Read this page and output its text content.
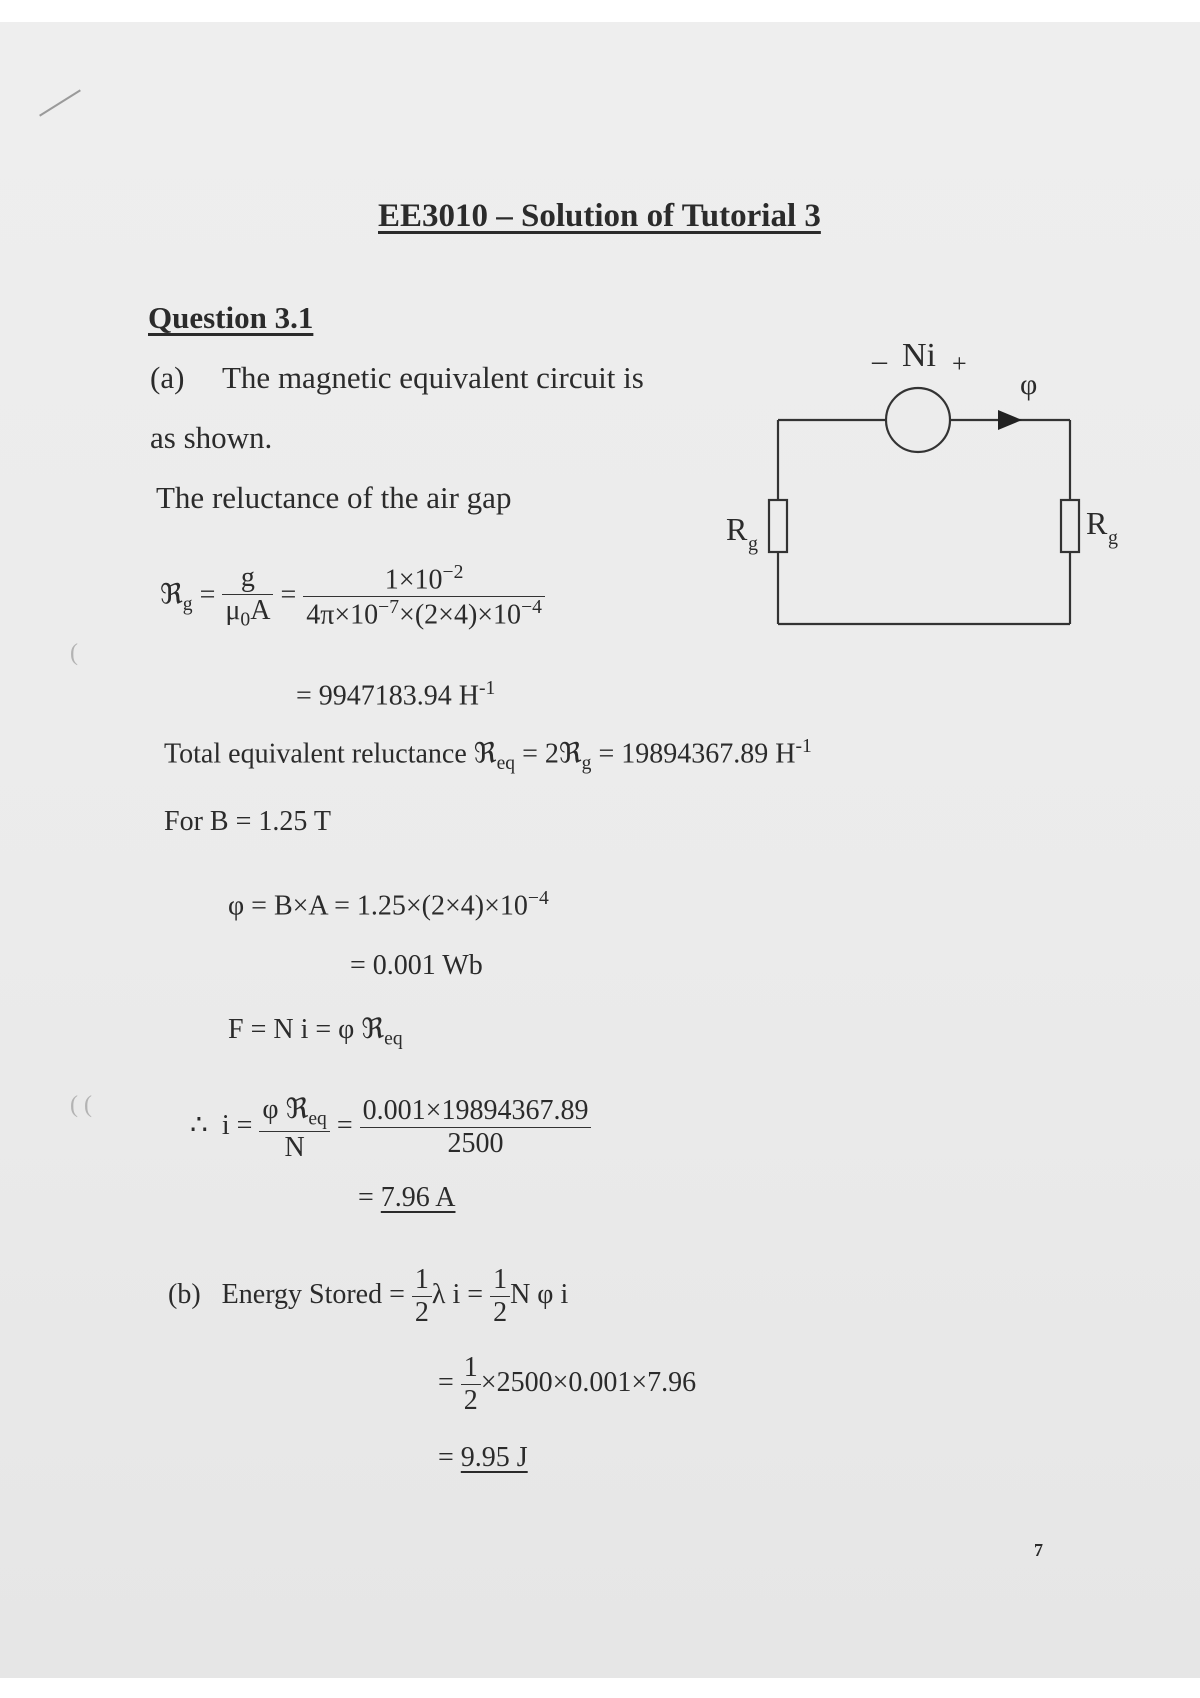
EE3010 – Solution of Tutorial 3
Question 3.1
(a) The magnetic equivalent circuit is
as shown.
The reluctance of the air gap
ℜ$_g$ = $\frac{g}{\mu_0A} = \frac{1\times 10^{-2}}{4\pi\times 10^{-7}\times(2\times 4)\times 10^{-4}}$
= 9947183.94 $H^{-1}$
Total equivalent reluctance ℜ$_{eq}$ = 2ℜ$_g$ = 19894367.89 $H^{-1}$
For B = 1.25 T
$\varphi = B\times A = 1.25\times(2\times 4)\times 10^{-4}$
= 0.001 Wb
F = N i = φ ℜ$_{eq}$
∴  $i = \frac{\varphi ℜ_{eq}}{N} = \frac{0.001\times 19894367.89}{2500}$
= 7.96 A
(b) Energy Stored = $\frac{1}{2}$ λ $i = \frac{1}{2}$ N φ i
= $\frac{1}{2} \times 2500\times 0.001\times 7.96$
= 9.95 J
(
( (
7
– Ni +
φ
R g
R g
